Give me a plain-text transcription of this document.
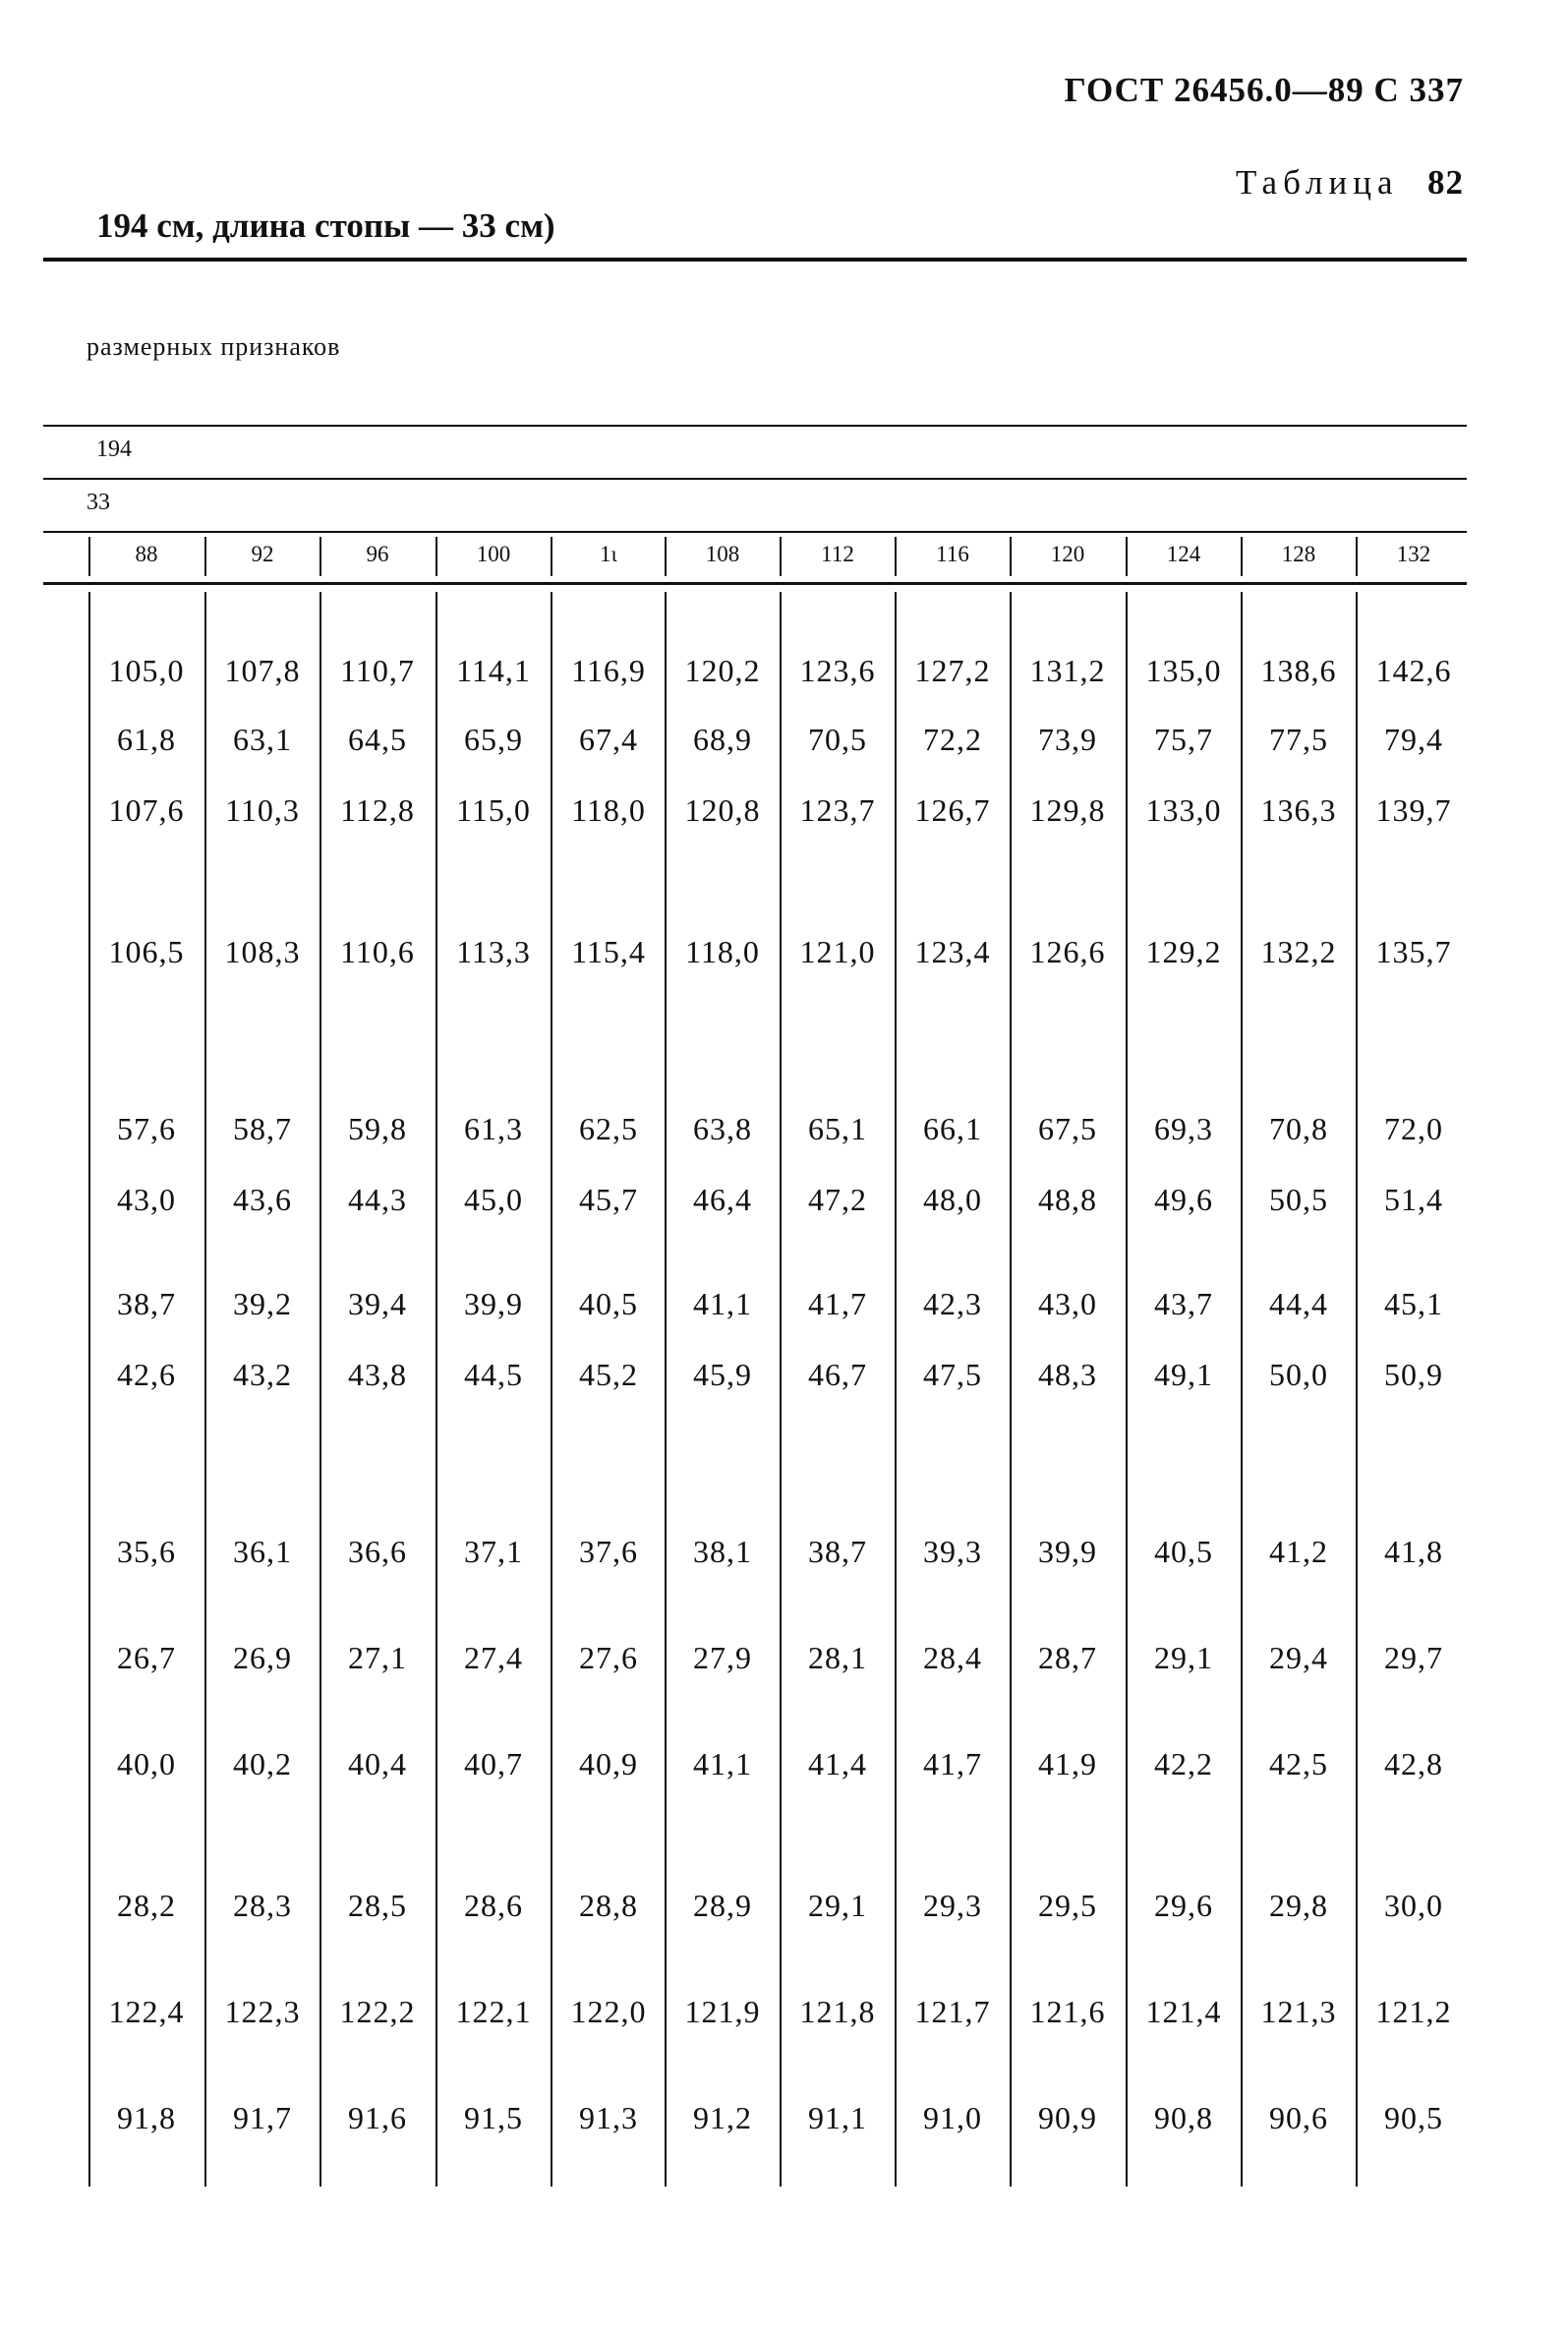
ГОСТ 26456.0—89 С 337
Таблица 82
194 см, длина стопы — 33 см)
размерных признаков
194
33
88	92	96	100	1ι	108	112	116	120	124	128	132
105,0	107,8	110,7	114,1	116,9	120,2	123,6	127,2	131,2	135,0	138,6	142,6
61,8	63,1	64,5	65,9	67,4	68,9	70,5	72,2	73,9	75,7	77,5	79,4
107,6	110,3	112,8	115,0	118,0	120,8	123,7	126,7	129,8	133,0	136,3	139,7
106,5	108,3	110,6	113,3	115,4	118,0	121,0	123,4	126,6	129,2	132,2	135,7
57,6	58,7	59,8	61,3	62,5	63,8	65,1	66,1	67,5	69,3	70,8	72,0
43,0	43,6	44,3	45,0	45,7	46,4	47,2	48,0	48,8	49,6	50,5	51,4
38,7	39,2	39,4	39,9	40,5	41,1	41,7	42,3	43,0	43,7	44,4	45,1
42,6	43,2	43,8	44,5	45,2	45,9	46,7	47,5	48,3	49,1	50,0	50,9
35,6	36,1	36,6	37,1	37,6	38,1	38,7	39,3	39,9	40,5	41,2	41,8
26,7	26,9	27,1	27,4	27,6	27,9	28,1	28,4	28,7	29,1	29,4	29,7
40,0	40,2	40,4	40,7	40,9	41,1	41,4	41,7	41,9	42,2	42,5	42,8
28,2	28,3	28,5	28,6	28,8	28,9	29,1	29,3	29,5	29,6	29,8	30,0
122,4	122,3	122,2	122,1	122,0	121,9	121,8	121,7	121,6	121,4	121,3	121,2
91,8	91,7	91,6	91,5	91,3	91,2	91,1	91,0	90,9	90,8	90,6	90,5
